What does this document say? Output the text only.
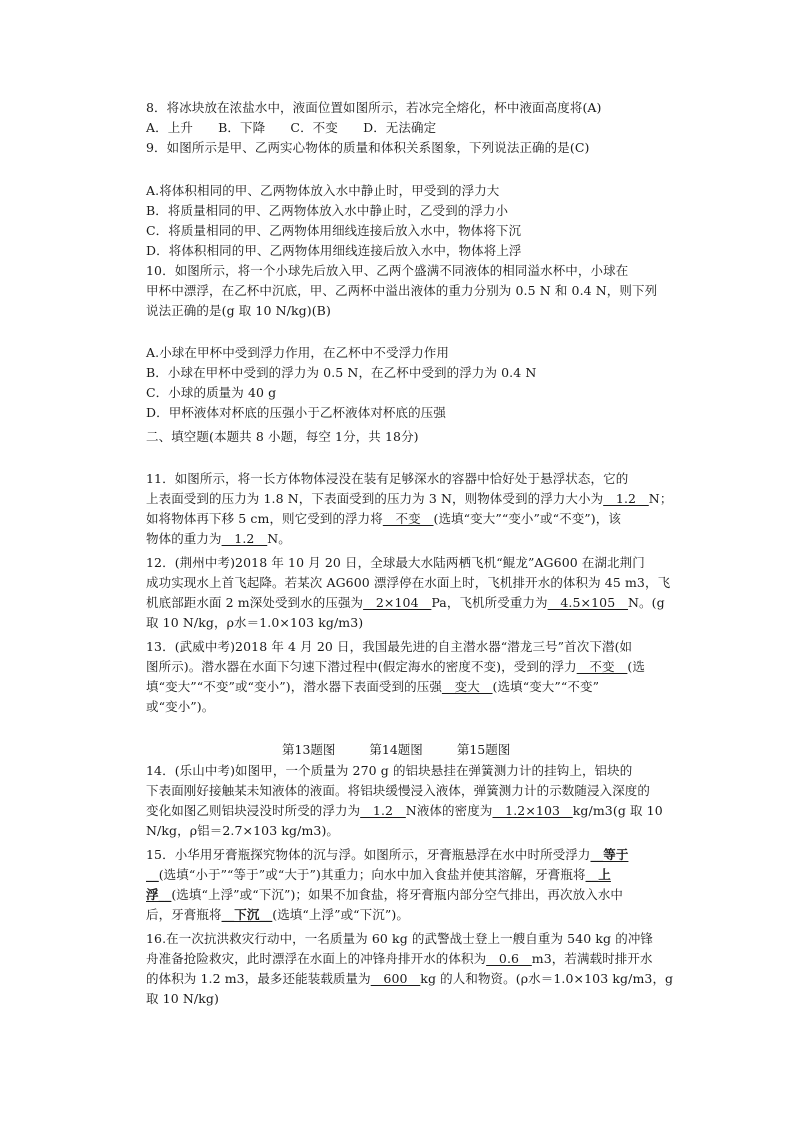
8．将冰块放在浓盐水中，液面位置如图所示，若冰完全熔化，杯中液面高度将(A)
A．上升　　B．下降　　C．不变　　D．无法确定
9．如图所示是甲、乙两实心物体的质量和体积关系图象，下列说法正确的是(C)
A.将体积相同的甲、乙两物体放入水中静止时，甲受到的浮力大
B．将质量相同的甲、乙两物体放入水中静止时，乙受到的浮力小
C．将质量相同的甲、乙两物体用细线连接后放入水中，物体将下沉
D．将体积相同的甲、乙两物体用细线连接后放入水中，物体将上浮
10．如图所示，将一个小球先后放入甲、乙两个盛满不同液体的相同溢水杯中，小球在
甲杯中漂浮，在乙杯中沉底，甲、乙两杯中溢出液体的重力分别为 0.5 N 和 0.4 N，则下列
说法正确的是(g 取 10 N/kg)(B)
A.小球在甲杯中受到浮力作用，在乙杯中不受浮力作用
B．小球在甲杯中受到的浮力为 0.5 N，在乙杯中受到的浮力为 0.4 N
C．小球的质量为 40 g
D．甲杯液体对杯底的压强小于乙杯液体对杯底的压强
二、填空题(本题共 8 小题，每空 1分，共 18分)
11．如图所示，将一长方体物体浸没在装有足够深水的容器中恰好处于悬浮状态，它的
上表面受到的压力为 1.8 N，下表面受到的压力为 3 N，则物体受到的浮力大小为__1.2__N；
如将物体再下移 5 cm，则它受到的浮力将__不变__(选填“变大”“变小”或“不变”)，该
物体的重力为__1.2__N。
12．(荆州中考)2018 年 10 月 20 日，全球最大水陆两栖飞机“鲲龙”AG600 在湖北荆门
成功实现水上首飞起降。若某次 AG600 漂浮停在水面上时，飞机排开水的体积为 45 m3，飞
机底部距水面 2 m深处受到水的压强为__2×104__Pa，飞机所受重力为__4.5×105__N。(g
取 10 N/kg，ρ水＝1.0×103 kg/m3)
13．(武威中考)2018 年 4 月 20 日，我国最先进的自主潜水器“潜龙三号”首次下潜(如
图所示)。潜水器在水面下匀速下潜过程中(假定海水的密度不变)，受到的浮力__不变__(选
填“变大”“不变”或“变小”)，潜水器下表面受到的压强__变大__(选填“变大”“不变”
或“变小”)。
第13题图	第14题图	第15题图
14．(乐山中考)如图甲，一个质量为 270 g 的铝块悬挂在弹簧测力计的挂钩上，铝块的
下表面刚好接触某未知液体的液面。将铝块缓慢浸入液体，弹簧测力计的示数随浸入深度的
变化如图乙则铝块浸没时所受的浮力为__1.2__N液体的密度为__1.2×103__kg/m3(g 取 10
N/kg，ρ铝＝2.7×103 kg/m3)。
15．小华用牙膏瓶探究物体的沉与浮。如图所示，牙膏瓶悬浮在水中时所受浮力__等于
__(选填“小于”“等于”或“大于”)其重力；向水中加入食盐并使其溶解，牙膏瓶将__上
浮__(选填“上浮”或“下沉”)；如果不加食盐，将牙膏瓶内部分空气排出，再次放入水中
后，牙膏瓶将__下沉__(选填“上浮”或“下沉”)。
16.在一次抗洪救灾行动中，一名质量为 60 kg 的武警战士登上一艘自重为 540 kg 的冲锋
舟准备抢险救灾，此时漂浮在水面上的冲锋舟排开水的体积为__0.6__m3，若满载时排开水
的体积为 1.2 m3，最多还能装载质量为__600__kg 的人和物资。(ρ水＝1.0×103 kg/m3，g
取 10 N/kg)
